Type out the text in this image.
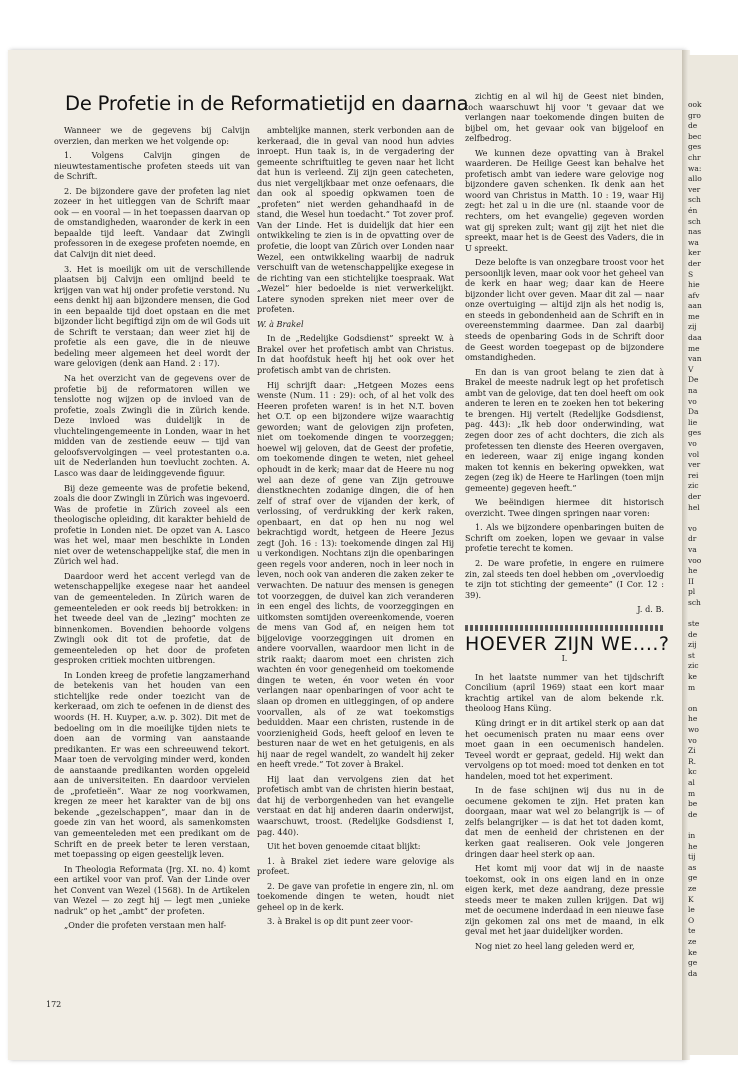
ook
gro
de
bec
ges
chr
wa:
allo
ver
sch
én
sch
nas
wa
ker
der
S
hie
afv
aan
me
zij
daa
me
van
V
De
na
vo
Da
lie
ges
vo
vol
ver
rei
zic
der
hel

vo
dr
va
voo
he
II
pl
sch

ste
de
zij
st
zic
ke
m

on
he
wo
vo
Zi
R.
kc
al
m
be
de

in
he
tij
as
ge
ze
K
le
O
te
ze
ke
ge
da
De Profetie in de Reformatietijd en daarna

Wanneer we de gegevens bij Calvijn overzien, dan merken we het volgende op:

1. Volgens Calvijn gingen de nieuwtestamentische profeten steeds uit van de Schrift.

2. De bijzondere gave der profeten lag niet zozeer in het uitleggen van de Schrift maar ook — en vooral — in het toepassen daarvan op de omstandigheden, waaronder de kerk in een bepaalde tijd leeft. Vandaar dat Zwingli professoren in de exegese profeten noemde, en dat Calvijn dit niet deed.

3. Het is moeilijk om uit de verschillende plaatsen bij Calvijn een omlijnd beeld te krijgen van wat hij onder profetie verstond. Nu eens denkt hij aan bijzondere mensen, die God in een bepaalde tijd doet opstaan en die met bijzonder licht begiftigd zijn om de wil Gods uit de Schrift te verstaan; dan weer ziet hij de profetie als een gave, die in de nieuwe bedeling meer algemeen het deel wordt der ware gelovigen (denk aan Hand. 2 : 17).

Na het overzicht van de gegevens over de profetie bij de reformatoren willen we tenslotte nog wijzen op de invloed van de profetie, zoals Zwingli die in Zürich kende. Deze invloed was duidelijk in de vluchtelingengemeente in Londen, waar in het midden van de zestiende eeuw — tijd van geloofsvervolgingen — veel protestanten o.a. uit de Nederlanden hun toevlucht zochten. A. Lasco was daar de leidinggevende figuur.

Bij deze gemeente was de profetie bekend, zoals die door Zwingli in Zürich was ingevoerd. Was de profetie in Zürich zoveel als een theologische opleiding, dit karakter behield de profetie in Londen niet. De opzet van A. Lasco was het wel, maar men beschikte in Londen niet over de wetenschappelijke staf, die men in Zürich wel had.

Daardoor werd het accent verlegd van de wetenschappelijke exegese naar het aandeel van de gemeenteleden. In Zürich waren de gemeenteleden er ook reeds bij betrokken: in het tweede deel van de „lezing” mochten ze binnenkomen. Bovendien behoorde volgens Zwingli ook dit tot de profetie, dat de gemeenteleden op het door de profeten gesproken critiek mochten uitbrengen.

In Londen kreeg de profetie langzamerhand de betekenis van het houden van een stichtelijke rede onder toezicht van de kerkeraad, om zich te oefenen in de dienst des woords (H. H. Kuyper, a.w. p. 302). Dit met de bedoeling om in die moeilijke tijden niets te doen aan de vorming van aanstaande predikanten. Er was een schreeuwend tekort. Maar toen de vervolging minder werd, konden de aanstaande predikanten worden opgeleid aan de universiteiten. En daardoor vervielen de „profetieën”. Waar ze nog voorkwamen, kregen ze meer het karakter van de bij ons bekende „gezelschappen”, maar dan in de goede zin van het woord, als samenkomsten van gemeenteleden met een predikant om de Schrift en de preek beter te leren verstaan, met toepassing op eigen geestelijk leven.

In Theologia Reformata (Jrg. XI. no. 4) komt een artikel voor van prof. Van der Linde over het Convent van Wezel (1568). In de Artikelen van Wezel — zo zegt hij — legt men „unieke nadruk” op het „ambt” der profeten.

„Onder die profeten verstaan men half-

ambtelijke mannen, sterk verbonden aan de kerkeraad, die in geval van nood hun advies inroept. Hun taak is, in de vergadering der gemeente schriftuitleg te geven naar het licht dat hun is verleend. Zij zijn geen catecheten, dus niet vergelijkbaar met onze oefenaars, die dan ook al spoedig opkwamen toen de „profeten” niet werden gehandhaafd in de stand, die Wesel hun toedacht.” Tot zover prof. Van der Linde. Het is duidelijk dat hier een ontwikkeling te zien is in de opvatting over de profetie, die loopt van Zürich over Londen naar Wezel, een ontwikkeling waarbij de nadruk verschuift van de wetenschappelijke exegese in de richting van een stichtelijke toespraak. Wat „Wezel” hier bedoelde is niet verwerkelijkt. Latere synoden spreken niet meer over de profeten.

W. à Brakel

In de „Redelijke Godsdienst” spreekt W. à Brakel over het profetisch ambt van Christus. In dat hoofdstuk heeft hij het ook over het profetisch ambt van de christen.

Hij schrijft daar: „Hetgeen Mozes eens wenste (Num. 11 : 29): och, of al het volk des Heeren profeten waren! is in het N.T. boven het O.T. op een bijzondere wijze waarachtig geworden; want de gelovigen zijn profeten, niet om toekomende dingen te voorzeggen; hoewel wij geloven, dat de Geest der profetie, om toekomende dingen te weten, niet geheel ophoudt in de kerk; maar dat de Heere nu nog wel aan deze of gene van Zijn getrouwe dienstknechten zodanige dingen, die of hen zelf of straf over de vijanden der kerk, of verlossing, of verdrukking der kerk raken, openbaart, en dat op hen nu nog wel bekrachtigd wordt, hetgeen de Heere Jezus zegt (Joh. 16 : 13): toekomende dingen zal Hij u verkondigen. Nochtans zijn die openbaringen geen regels voor anderen, noch in leer noch in leven, noch ook van anderen die zaken zeker te verwachten. De natuur des mensen is genegen tot voorzeggen, de duivel kan zich veranderen in een engel des lichts, de voorzeggingen en uitkomsten somtijden overeenkomende, voeren de mens van God af, en neigen hem tot bijgelovige voorzeggingen uit dromen en andere voorvallen, waardoor men licht in de strik raakt; daarom moet een christen zich wachten én voor genegenheid om toekomende dingen te weten, én voor weten én voor verlangen naar openbaringen of voor acht te slaan op dromen en uitleggingen, of op andere voorvallen, als of ze wat toekomstigs beduidden. Maar een christen, rustende in de voorzienigheid Gods, heeft geloof en leven te besturen naar de wet en het getuigenis, en als hij naar de regel wandelt, zo wandelt hij zeker en heeft vrede.” Tot zover à Brakel.

Hij laat dan vervolgens zien dat het profetisch ambt van de christen hierin bestaat, dat hij de verborgenheden van het evangelie verstaat en dat hij anderen daarin onderwijst, waarschuwt, troost. (Redelijke Godsdienst I, pag. 440).

Uit het boven genoemde citaat blijkt:

1. à Brakel ziet iedere ware gelovige als profeet.

2. De gave van profetie in engere zin, nl. om toekomende dingen te weten, houdt niet geheel op in de kerk.

3. à Brakel is op dit punt zeer voor-

zichtig en al wil hij de Geest niet binden, toch waarschuwt hij voor 't gevaar dat we verlangen naar toekomende dingen buiten de bijbel om, het gevaar ook van bijgeloof en zelfbedrog.

We kunnen deze opvatting van à Brakel waarderen. De Heilige Geest kan behalve het profetisch ambt van iedere ware gelovige nog bijzondere gaven schenken. Ik denk aan het woord van Christus in Matth. 10 : 19, waar Hij zegt: het zal u in die ure (nl. staande voor de rechters, om het evangelie) gegeven worden wat gij spreken zult; want gij zijt het niet die spreekt, maar het is de Geest des Vaders, die in U spreekt.

Deze belofte is van onzegbare troost voor het persoonlijk leven, maar ook voor het geheel van de kerk en haar weg; daar kan de Heere bijzonder licht over geven. Maar dit zal — naar onze overtuiging — altijd zijn als het nodig is, en steeds in gebondenheid aan de Schrift en in overeenstemming daarmee. Dan zal daarbij steeds de openbaring Gods in de Schrift door de Geest worden toegepast op de bijzondere omstandigheden.

En dan is van groot belang te zien dat à Brakel de meeste nadruk legt op het profetisch ambt van de gelovige, dat ten doel heeft om ook anderen te leren en te zoeken hen tot bekering te brengen. Hij vertelt (Redelijke Godsdienst, pag. 443): „Ik heb door onderwinding, wat zegen door zes of acht dochters, die zich als profetessen ten dienste des Heeren overgaven, en iedereen, waar zij enige ingang konden maken tot kennis en bekering opwekken, wat zegen (zeg ik) de Heere te Harlingen (toen mijn gemeente) gegeven heeft.”

We beëindigen hiermee dit historisch overzicht. Twee dingen springen naar voren:

1. Als we bijzondere openbaringen buiten de Schrift om zoeken, lopen we gevaar in valse profetie terecht te komen.

2. De ware profetie, in engere en ruimere zin, zal steeds ten doel hebben om „overvloedig te zijn tot stichting der gemeente” (I Cor. 12 : 39).

J. d. B.

HOEVER ZIJN WE....?
I.

In het laatste nummer van het tijdschrift Concilium (april 1969) staat een kort maar krachtig artikel van de alom bekende r.k. theoloog Hans Küng.

Küng dringt er in dit artikel sterk op aan dat het oecumenisch praten nu maar eens over moet gaan in een oecumenisch handelen. Teveel wordt er gepraat, gedeld. Hij wekt dan vervolgens op tot moed: moed tot denken en tot handelen, moed tot het experiment.

In de fase schijnen wij dus nu in de oecumene gekomen te zijn. Het praten kan doorgaan, maar wat wel zo belangrijk is — of zelfs belangrijker — is dat het tot daden komt, dat men de eenheid der christenen en der kerken gaat realiseren. Ook vele jongeren dringen daar heel sterk op aan.

Het komt mij voor dat wij in de naaste toekomst, ook in ons eigen land en in onze eigen kerk, met deze aandrang, deze pressie steeds meer te maken zullen krijgen. Dat wij met de oecumene inderdaad in een nieuwe fase zijn gekomen zal ons met de maand, in elk geval met het jaar duidelijker worden.

Nog niet zo heel lang geleden werd er,

172
